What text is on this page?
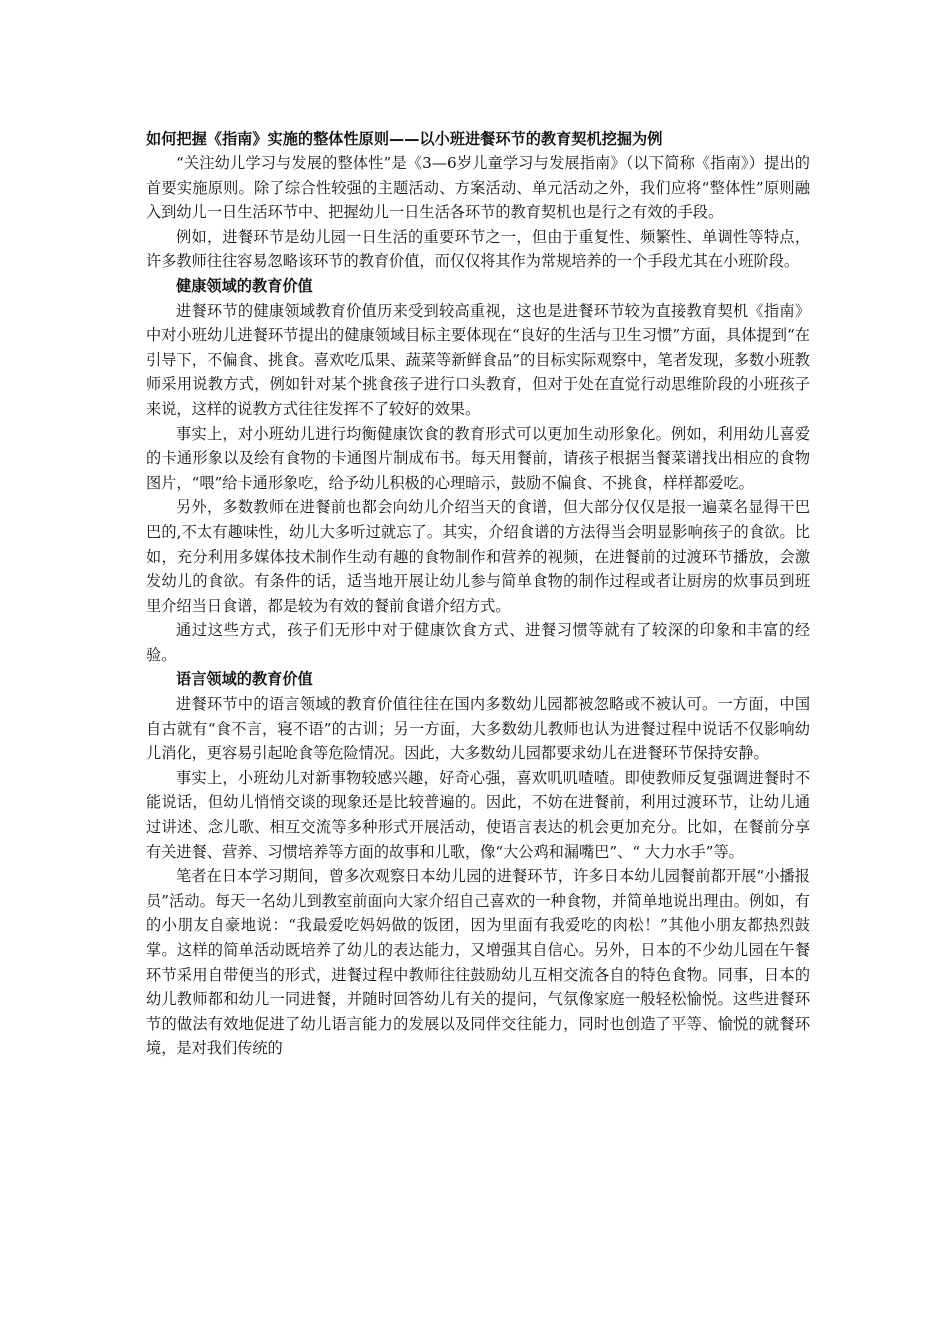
如何把握《指南》实施的整体性原则——以小班进餐环节的教育契机挖掘为例

“关注幼儿学习与发展的整体性”是《3—6岁儿童学习与发展指南》（以下简称《指南》）提出的首要实施原则。除了综合性较强的主题活动、方案活动、单元活动之外，我们应将“整体性”原则融入到幼儿一日生活环节中、把握幼儿一日生活各环节的教育契机也是行之有效的手段。

例如，进餐环节是幼儿园一日生活的重要环节之一，但由于重复性、频繁性、单调性等特点，许多教师往往容易忽略该环节的教育价值，而仅仅将其作为常规培养的一个手段尤其在小班阶段。

健康领域的教育价值

进餐环节的健康领域教育价值历来受到较高重视，这也是进餐环节较为直接教育契机《指南》中对小班幼儿进餐环节提出的健康领域目标主要体现在“良好的生活与卫生习惯”方面，具体提到“在引导下，不偏食、挑食。喜欢吃瓜果、蔬菜等新鲜食品”的目标实际观察中，笔者发现，多数小班教师采用说教方式，例如针对某个挑食孩子进行口头教育，但对于处在直觉行动思维阶段的小班孩子来说，这样的说教方式往往发挥不了较好的效果。

事实上，对小班幼儿进行均衡健康饮食的教育形式可以更加生动形象化。例如，利用幼儿喜爱的卡通形象以及绘有食物的卡通图片制成布书。每天用餐前，请孩子根据当餐菜谱找出相应的食物图片，“喂”给卡通形象吃，给予幼儿积极的心理暗示，鼓励不偏食、不挑食，样样都爱吃。

另外，多数教师在进餐前也都会向幼儿介绍当天的食谱，但大部分仅仅是报一遍菜名显得干巴巴的,不太有趣味性，幼儿大多听过就忘了。其实，介绍食谱的方法得当会明显影响孩子的食欲。比如，充分利用多媒体技术制作生动有趣的食物制作和营养的视频，在进餐前的过渡环节播放，会激发幼儿的食欲。有条件的话，适当地开展让幼儿参与简单食物的制作过程或者让厨房的炊事员到班里介绍当日食谱，都是较为有效的餐前食谱介绍方式。

通过这些方式，孩子们无形中对于健康饮食方式、进餐习惯等就有了较深的印象和丰富的经验。

语言领域的教育价值

进餐环节中的语言领域的教育价值往往在国内多数幼儿园都被忽略或不被认可。一方面，中国自古就有“食不言，寝不语”的古训；另一方面，大多数幼儿教师也认为进餐过程中说话不仅影响幼儿消化，更容易引起呛食等危险情况。因此，大多数幼儿园都要求幼儿在进餐环节保持安静。

事实上，小班幼儿对新事物较感兴趣，好奇心强，喜欢叽叽喳喳。即使教师反复强调进餐时不能说话，但幼儿悄悄交谈的现象还是比较普遍的。因此，不妨在进餐前，利用过渡环节，让幼儿通过讲述、念儿歌、相互交流等多种形式开展活动，使语言表达的机会更加充分。比如，在餐前分享有关进餐、营养、习惯培养等方面的故事和儿歌，像“大公鸡和漏嘴巴”、“ 大力水手”等。

笔者在日本学习期间，曾多次观察日本幼儿园的进餐环节，许多日本幼儿园餐前都开展“小播报员”活动。每天一名幼儿到教室前面向大家介绍自己喜欢的一种食物，并简单地说出理由。例如，有的小朋友自豪地说：“我最爱吃妈妈做的饭团，因为里面有我爱吃的肉松！”其他小朋友都热烈鼓掌。这样的简单活动既培养了幼儿的表达能力，又增强其自信心。另外，日本的不少幼儿园在午餐环节采用自带便当的形式，进餐过程中教师往往鼓励幼儿互相交流各自的特色食物。同事，日本的幼儿教师都和幼儿一同进餐，并随时回答幼儿有关的提问，气氛像家庭一般轻松愉悦。这些进餐环节的做法有效地促进了幼儿语言能力的发展以及同伴交往能力，同时也创造了平等、愉悦的就餐环境，是对我们传统的
